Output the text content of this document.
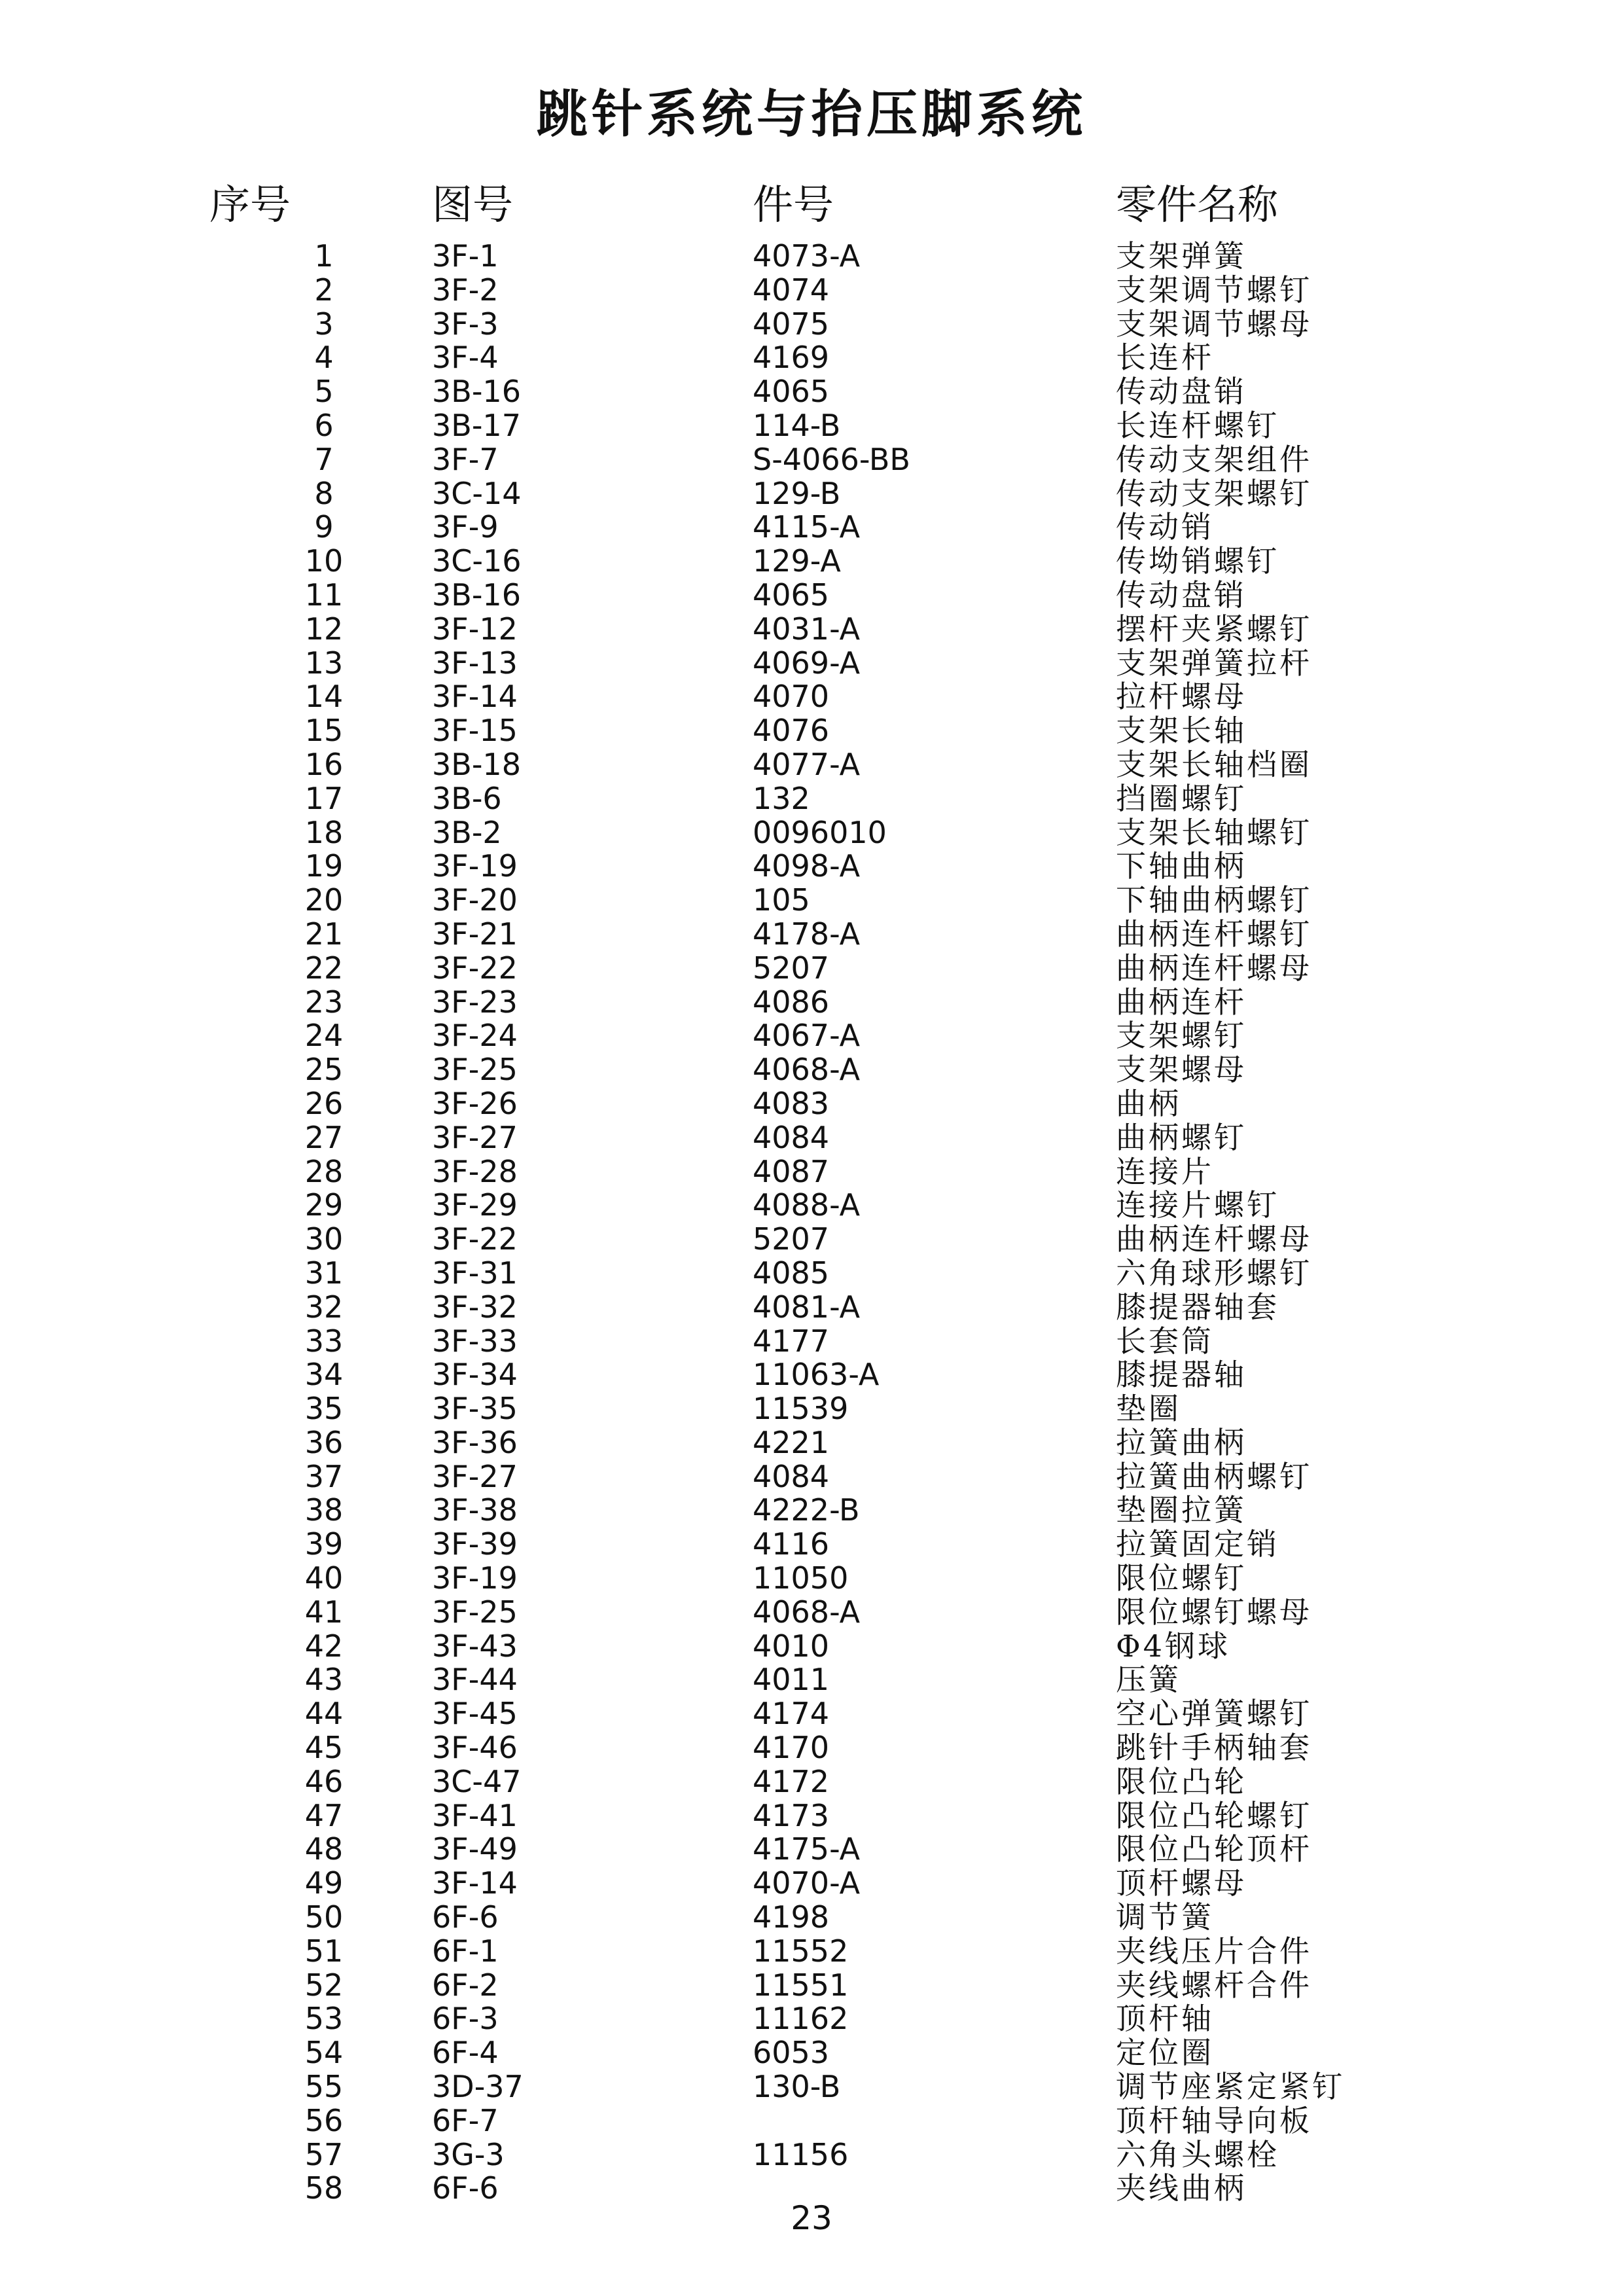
跳针系统与抬压脚系统
序号	图号	件号	零件名称
1	3F-1	4073-A	支架弹簧
2	3F-2	4074	支架调节螺钉
3	3F-3	4075	支架调节螺母
4	3F-4	4169	长连杆
5	3B-16	4065	传动盘销
6	3B-17	114-B	长连杆螺钉
7	3F-7	S-4066-BB	传动支架组件
8	3C-14	129-B	传动支架螺钉
9	3F-9	4115-A	传动销
10	3C-16	129-A	传坳销螺钉
11	3B-16	4065	传动盘销
12	3F-12	4031-A	摆杆夹紧螺钉
13	3F-13	4069-A	支架弹簧拉杆
14	3F-14	4070	拉杆螺母
15	3F-15	4076	支架长轴
16	3B-18	4077-A	支架长轴档圈
17	3B-6	132	挡圈螺钉
18	3B-2	0096010	支架长轴螺钉
19	3F-19	4098-A	下轴曲柄
20	3F-20	105	下轴曲柄螺钉
21	3F-21	4178-A	曲柄连杆螺钉
22	3F-22	5207	曲柄连杆螺母
23	3F-23	4086	曲柄连杆
24	3F-24	4067-A	支架螺钉
25	3F-25	4068-A	支架螺母
26	3F-26	4083	曲柄
27	3F-27	4084	曲柄螺钉
28	3F-28	4087	连接片
29	3F-29	4088-A	连接片螺钉
30	3F-22	5207	曲柄连杆螺母
31	3F-31	4085	六角球形螺钉
32	3F-32	4081-A	膝提器轴套
33	3F-33	4177	长套筒
34	3F-34	11063-A	膝提器轴
35	3F-35	11539	垫圈
36	3F-36	4221	拉簧曲柄
37	3F-27	4084	拉簧曲柄螺钉
38	3F-38	4222-B	垫圈拉簧
39	3F-39	4116	拉簧固定销
40	3F-19	11050	限位螺钉
41	3F-25	4068-A	限位螺钉螺母
42	3F-43	4010	Φ4钢球
43	3F-44	4011	压簧
44	3F-45	4174	空心弹簧螺钉
45	3F-46	4170	跳针手柄轴套
46	3C-47	4172	限位凸轮
47	3F-41	4173	限位凸轮螺钉
48	3F-49	4175-A	限位凸轮顶杆
49	3F-14	4070-A	顶杆螺母
50	6F-6	4198	调节簧
51	6F-1	11552	夹线压片合件
52	6F-2	11551	夹线螺杆合件
53	6F-3	11162	顶杆轴
54	6F-4	6053	定位圈
55	3D-37	130-B	调节座紧定紧钉
56	6F-7		顶杆轴导向板
57	3G-3	11156	六角头螺栓
58	6F-6		夹线曲柄
23
